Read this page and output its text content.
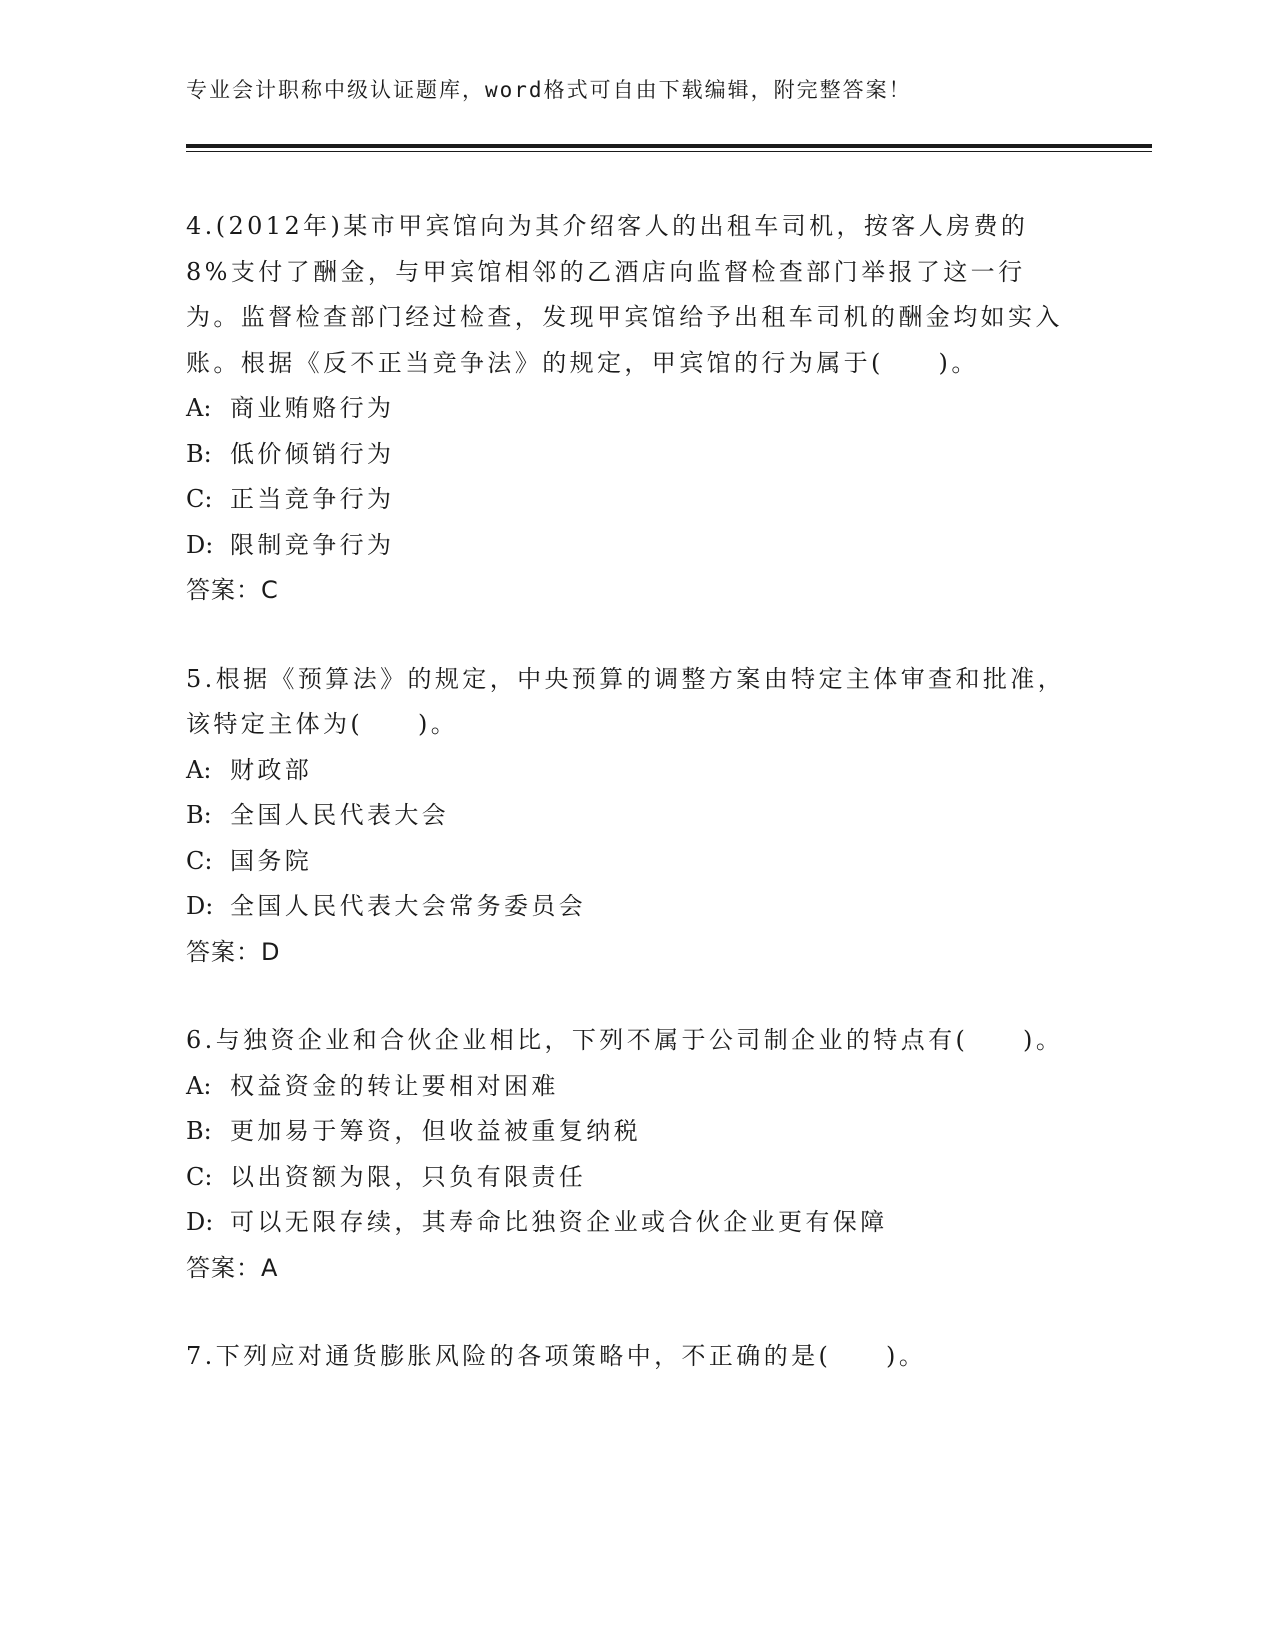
专业会计职称中级认证题库，word格式可自由下载编辑，附完整答案！

4.(2012年)某市甲宾馆向为其介绍客人的出租车司机，按客人房费的8%支付了酬金，与甲宾馆相邻的乙酒店向监督检查部门举报了这一行为。监督检查部门经过检查，发现甲宾馆给予出租车司机的酬金均如实入账。根据《反不正当竞争法》的规定，甲宾馆的行为属于(　　)。

A: 商业贿赂行为

B: 低价倾销行为

C: 正当竞争行为

D: 限制竞争行为

答案：C

5.根据《预算法》的规定，中央预算的调整方案由特定主体审查和批准，该特定主体为(　　)。

A: 财政部

B: 全国人民代表大会

C: 国务院

D: 全国人民代表大会常务委员会

答案：D

6.与独资企业和合伙企业相比，下列不属于公司制企业的特点有(　　)。

A: 权益资金的转让要相对困难

B: 更加易于筹资，但收益被重复纳税

C: 以出资额为限，只负有限责任

D: 可以无限存续，其寿命比独资企业或合伙企业更有保障

答案：A

7.下列应对通货膨胀风险的各项策略中，不正确的是(　　)。
